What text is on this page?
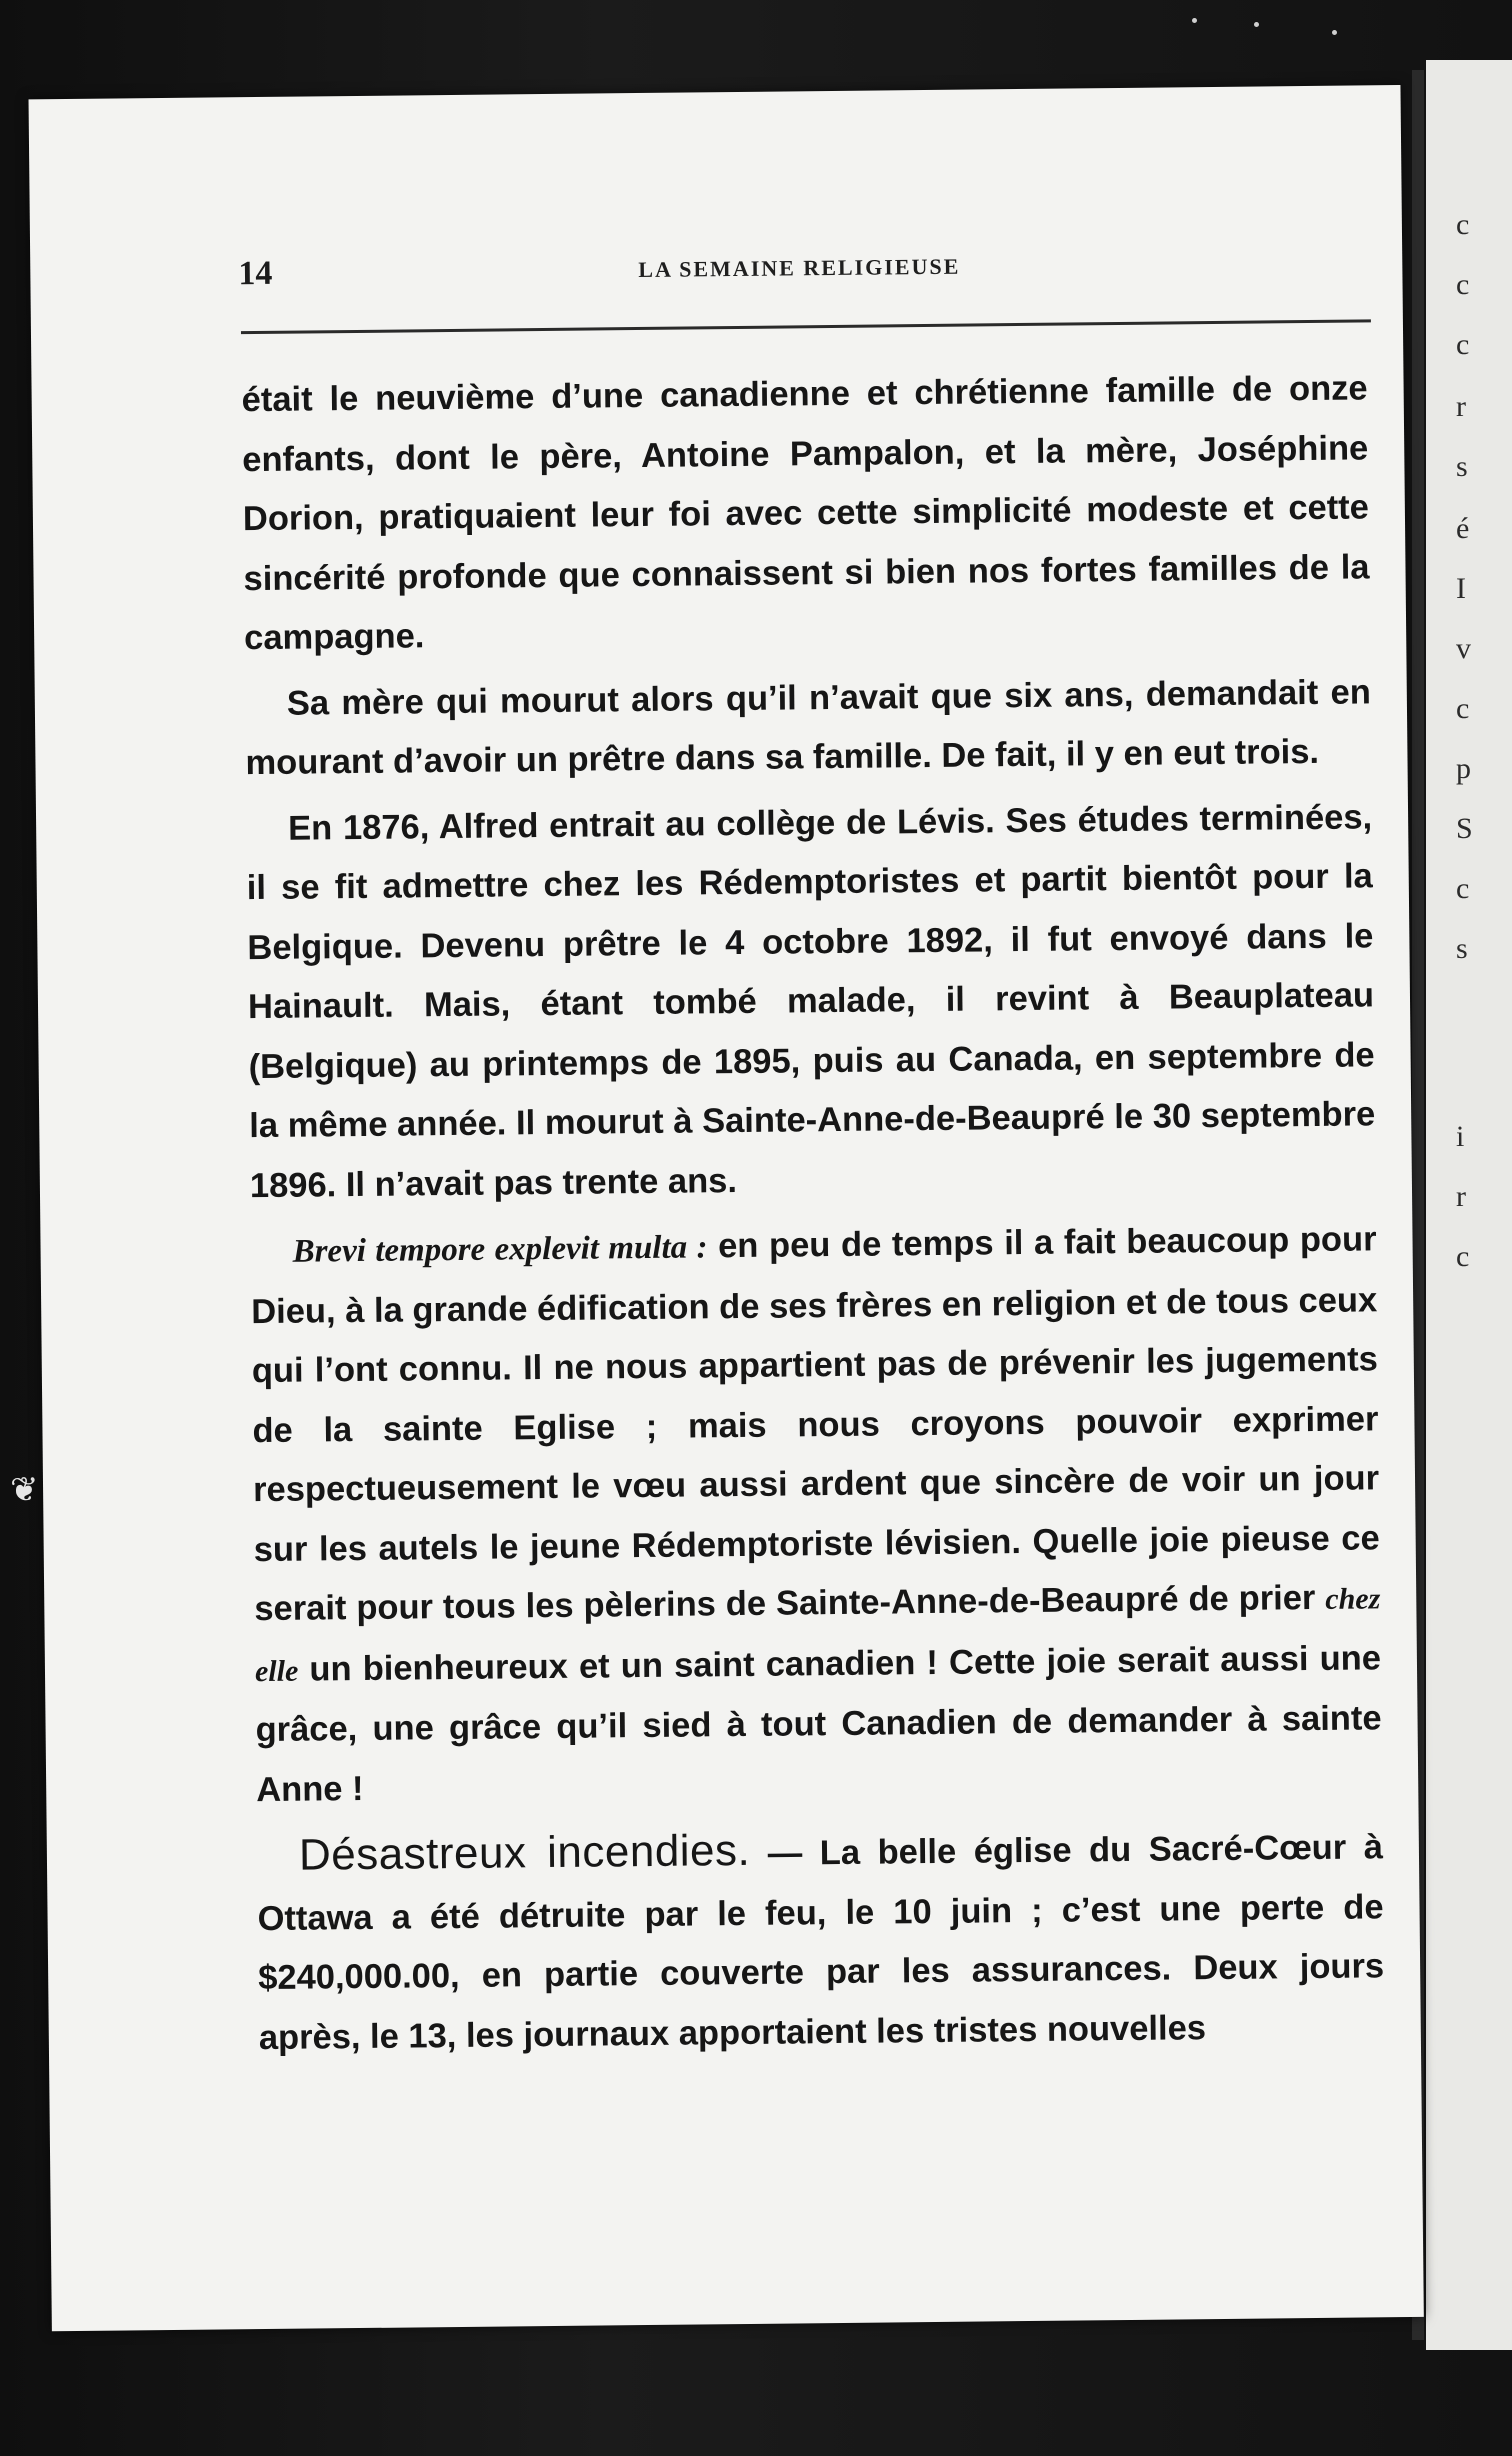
c
c
c
r
s
é
I
v
c
p
S
c
s
i
r
c
❦
14	LA SEMAINE RELIGIEUSE

était le neuvième d’une canadienne et chrétienne famille de onze enfants, dont le père, Antoine Pampalon, et la mère, Joséphine Dorion, pratiquaient leur foi avec cette simplicité modeste et cette sincérité profonde que connaissent si bien nos fortes familles de la campagne.

Sa mère qui mourut alors qu’il n’avait que six ans, demandait en mourant d’avoir un prêtre dans sa famille. De fait, il y en eut trois.

En 1876, Alfred entrait au collège de Lévis. Ses études terminées, il se fit admettre chez les Rédemptoristes et partit bientôt pour la Belgique. Devenu prêtre le 4 octobre 1892, il fut envoyé dans le Hainault. Mais, étant tombé malade, il revint à Beauplateau (Belgique) au printemps de 1895, puis au Canada, en septembre de la même année. Il mourut à Sainte-Anne-de-Beaupré le 30 septembre 1896. Il n’avait pas trente ans.

Brevi tempore explevit multa : en peu de temps il a fait beaucoup pour Dieu, à la grande édification de ses frères en religion et de tous ceux qui l’ont connu. Il ne nous appartient pas de prévenir les jugements de la sainte Eglise ; mais nous croyons pouvoir exprimer respectueusement le vœu aussi ardent que sincère de voir un jour sur les autels le jeune Rédemptoriste lévisien. Quelle joie pieuse ce serait pour tous les pèlerins de Sainte-Anne-de-Beaupré de prier chez elle un bienheureux et un saint canadien ! Cette joie serait aussi une grâce, une grâce qu’il sied à tout Canadien de demander à sainte Anne !

Désastreux incendies. — La belle église du Sacré-Cœur à Ottawa a été détruite par le feu, le 10 juin ; c’est une perte de $240,000.00, en partie couverte par les assurances. Deux jours après, le 13, les journaux apportaient les tristes nouvelles
